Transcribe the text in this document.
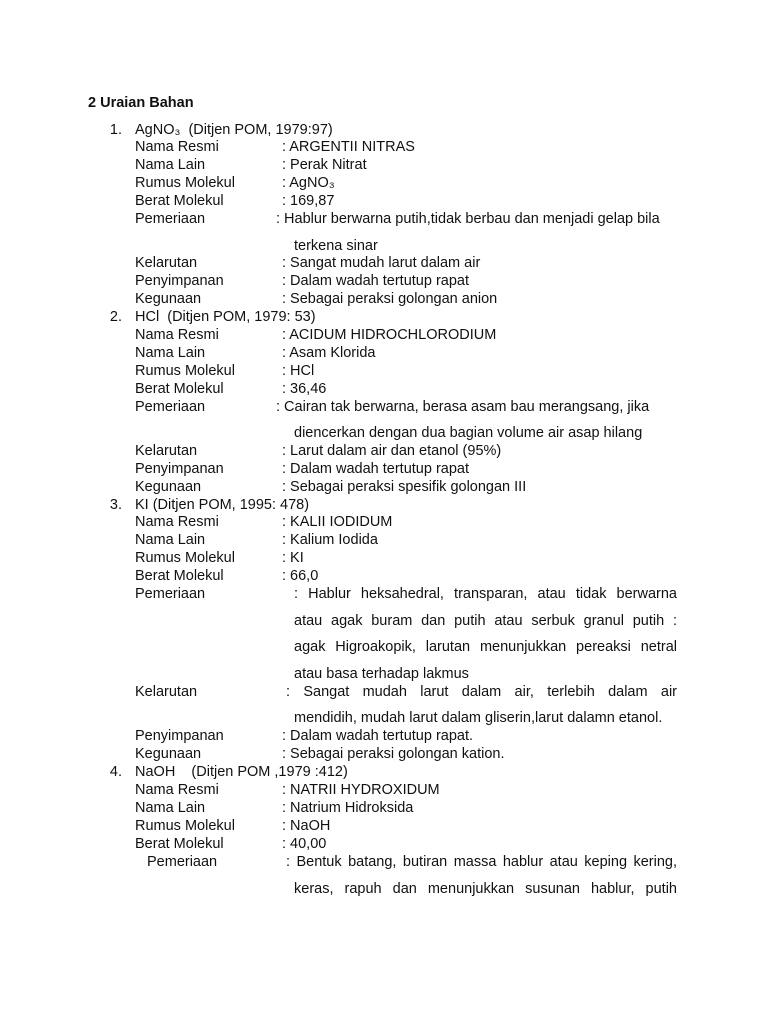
2 Uraian Bahan
1. AgNO₃ (Ditjen POM, 1979:97)
Nama Resmi	: ARGENTII NITRAS
Nama Lain	: Perak Nitrat
Rumus Molekul	: AgNO₃
Berat Molekul	: 169,87
Pemeriaan	: Hablur berwarna putih,tidak berbau dan menjadi gelap bila
terkena sinar
Kelarutan	: Sangat mudah larut dalam air
Penyimpanan	: Dalam wadah tertutup rapat
Kegunaan	: Sebagai peraksi golongan anion
2. HCl (Ditjen POM, 1979: 53)
Nama Resmi	: ACIDUM HIDROCHLORODIUM
Nama Lain	: Asam Klorida
Rumus Molekul	: HCl
Berat Molekul	: 36,46
Pemeriaan	: Cairan tak berwarna, berasa asam bau merangsang, jika
diencerkan dengan dua bagian volume air asap hilang
Kelarutan	: Larut dalam air dan etanol (95%)
Penyimpanan	: Dalam wadah tertutup rapat
Kegunaan	: Sebagai peraksi spesifik golongan III
3. KI (Ditjen POM, 1995: 478)
Nama Resmi	: KALII IODIDUM
Nama Lain	: Kalium Iodida
Rumus Molekul	: KI
Berat Molekul	: 66,0
Pemeriaan	: Hablur heksahedral, transparan, atau tidak berwarna
atau agak buram dan putih atau serbuk granul putih :
agak Higroakopik, larutan menunjukkan pereaksi netral
atau basa terhadap lakmus
Kelarutan	: Sangat mudah larut dalam air, terlebih dalam air
mendidih, mudah larut dalam gliserin,larut dalamn etanol.
Penyimpanan	: Dalam wadah tertutup rapat.
Kegunaan	: Sebagai peraksi golongan kation.
4. NaOH (Ditjen POM ,1979 :412)
Nama Resmi	: NATRII HYDROXIDUM
Nama Lain	: Natrium Hidroksida
Rumus Molekul	: NaOH
Berat Molekul	: 40,00
Pemeriaan	: Bentuk batang, butiran massa hablur atau keping kering,
keras, rapuh dan menunjukkan susunan hablur, putih
